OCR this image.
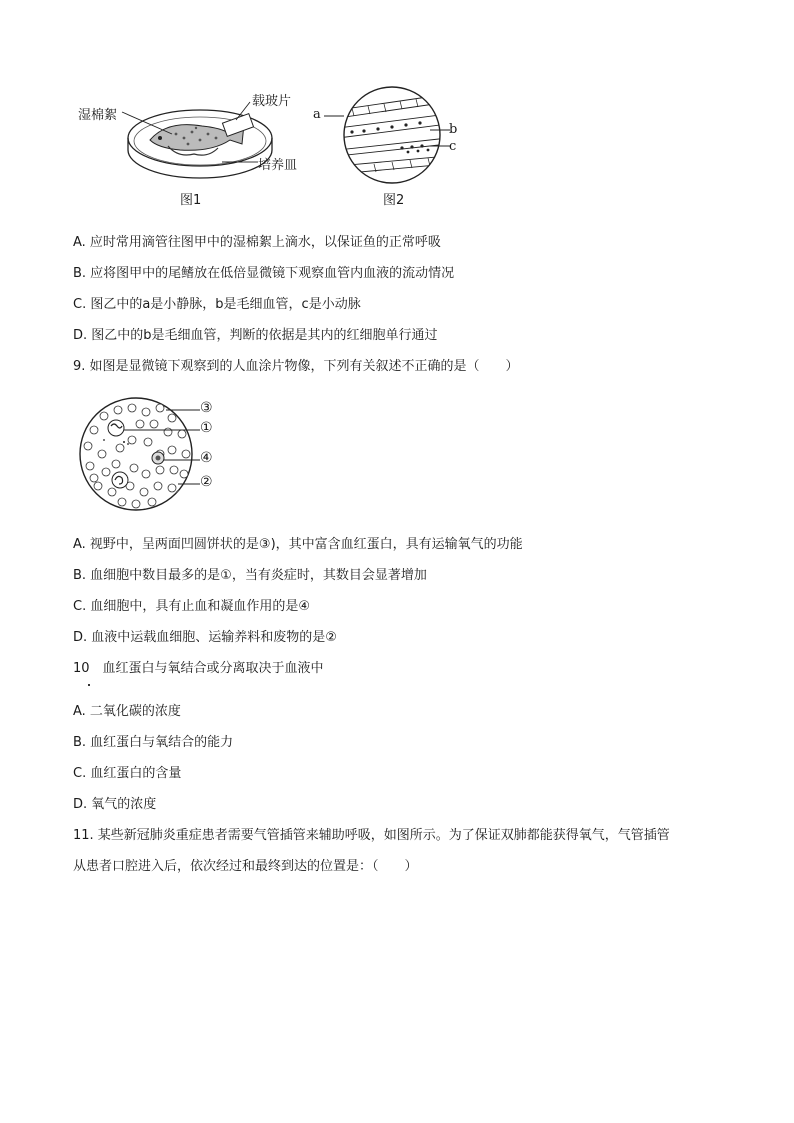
湿棉絮
载玻片
培养皿
图1
a
b
c
图2
A. 应时常用滴管往图甲中的湿棉絮上滴水，以保证鱼的正常呼吸
B. 应将图甲中的尾鳍放在低倍显微镜下观察血管内血液的流动情况
C. 图乙中的a是小静脉，b是毛细血管，c是小动脉
D. 图乙中的b是毛细血管，判断的依据是其内的红细胞单行通过
9. 如图是显微镜下观察到的人血涂片物像，下列有关叙述不正确的是（　　）
③
①
④
②
A. 视野中，呈两面凹圆饼状的是③)，其中富含血红蛋白，具有运输氧气的功能
B. 血细胞中数目最多的是①，当有炎症时，其数目会显著增加
C. 血细胞中，具有止血和凝血作用的是④
D. 血液中运载血细胞、运输养料和废物的是②
10　血红蛋白与氧结合或分离取决于血液中
A. 二氧化碳的浓度
B. 血红蛋白与氧结合的能力
C. 血红蛋白的含量
D. 氧气的浓度
11. 某些新冠肺炎重症患者需要气管插管来辅助呼吸，如图所示。为了保证双肺都能获得氧气，气管插管
从患者口腔进入后，依次经过和最终到达的位置是：（　　）
